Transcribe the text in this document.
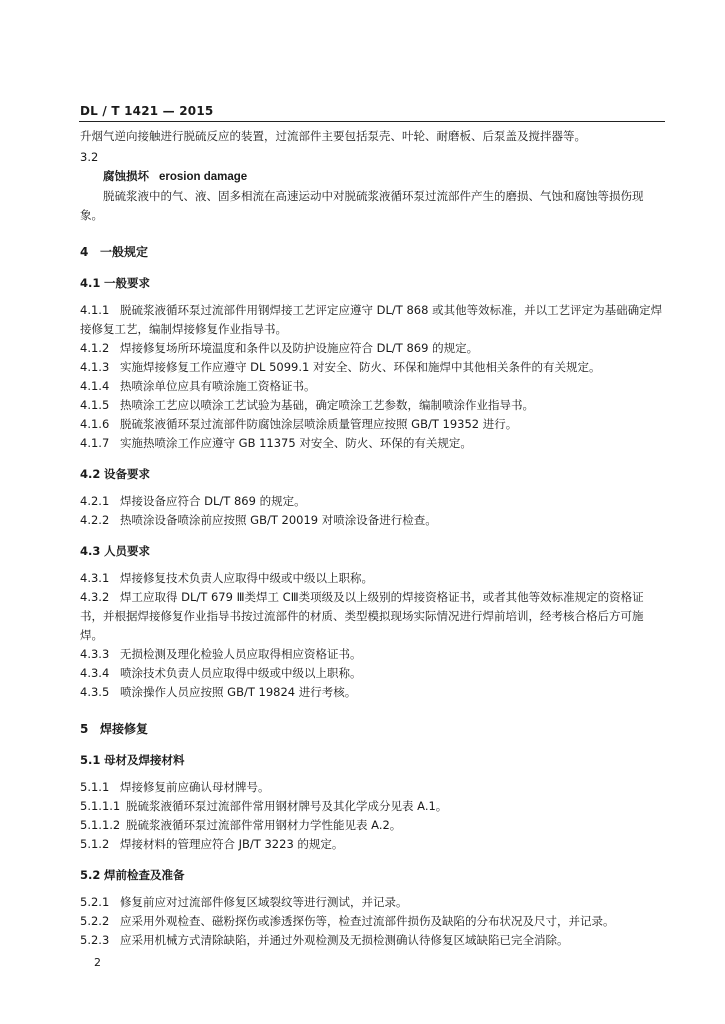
DL / T 1421 — 2015

升烟气逆向接触进行脱硫反应的装置，过流部件主要包括泵壳、叶轮、耐磨板、后泵盖及搅拌器等。

3.2

腐蚀损坏 erosion damage

脱硫浆液中的气、液、固多相流在高速运动中对脱硫浆液循环泵过流部件产生的磨损、气蚀和腐蚀等损伤现象。

4 一般规定

4.1 一般要求

4.1.1 脱硫浆液循环泵过流部件用钢焊接工艺评定应遵守 DL/T 868 或其他等效标准，并以工艺评定为基础确定焊接修复工艺，编制焊接修复作业指导书。

4.1.2 焊接修复场所环境温度和条件以及防护设施应符合 DL/T 869 的规定。

4.1.3 实施焊接修复工作应遵守 DL 5099.1 对安全、防火、环保和施焊中其他相关条件的有关规定。

4.1.4 热喷涂单位应具有喷涂施工资格证书。

4.1.5 热喷涂工艺应以喷涂工艺试验为基础，确定喷涂工艺参数，编制喷涂作业指导书。

4.1.6 脱硫浆液循环泵过流部件防腐蚀涂层喷涂质量管理应按照 GB/T 19352 进行。

4.1.7 实施热喷涂工作应遵守 GB 11375 对安全、防火、环保的有关规定。

4.2 设备要求

4.2.1 焊接设备应符合 DL/T 869 的规定。

4.2.2 热喷涂设备喷涂前应按照 GB/T 20019 对喷涂设备进行检查。

4.3 人员要求

4.3.1 焊接修复技术负责人应取得中级或中级以上职称。

4.3.2 焊工应取得 DL/T 679 Ⅲ类焊工 CⅢ类项级及以上级别的焊接资格证书，或者其他等效标准规定的资格证书，并根据焊接修复作业指导书按过流部件的材质、类型模拟现场实际情况进行焊前培训，经考核合格后方可施焊。

4.3.3 无损检测及理化检验人员应取得相应资格证书。

4.3.4 喷涂技术负责人员应取得中级或中级以上职称。

4.3.5 喷涂操作人员应按照 GB/T 19824 进行考核。

5 焊接修复

5.1 母材及焊接材料

5.1.1 焊接修复前应确认母材牌号。

5.1.1.1 脱硫浆液循环泵过流部件常用钢材牌号及其化学成分见表 A.1。

5.1.1.2 脱硫浆液循环泵过流部件常用钢材力学性能见表 A.2。

5.1.2 焊接材料的管理应符合 JB/T 3223 的规定。

5.2 焊前检查及准备

5.2.1 修复前应对过流部件修复区域裂纹等进行测试，并记录。

5.2.2 应采用外观检查、磁粉探伤或渗透探伤等，检查过流部件损伤及缺陷的分布状况及尺寸，并记录。

5.2.3 应采用机械方式清除缺陷，并通过外观检测及无损检测确认待修复区域缺陷已完全消除。

2
